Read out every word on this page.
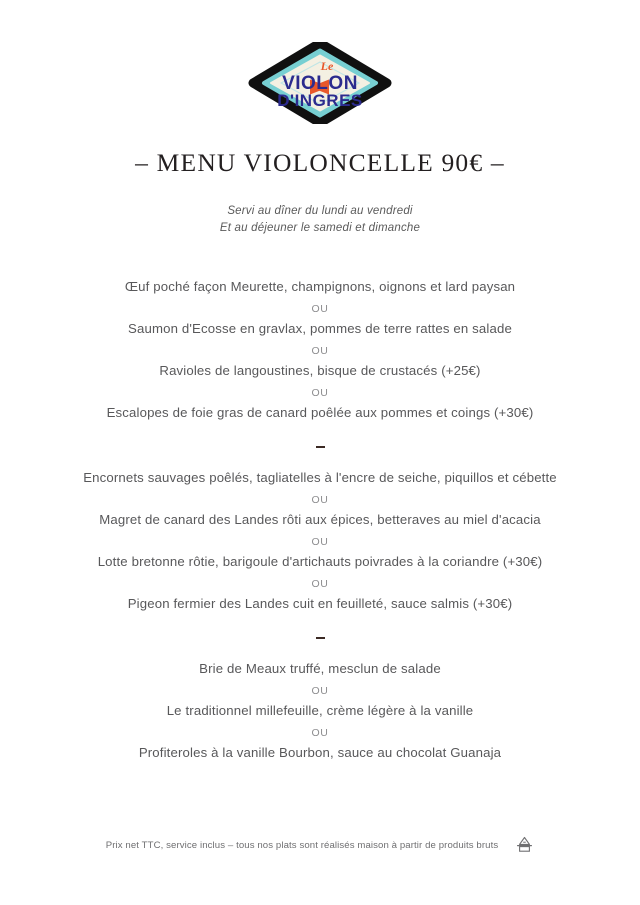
Le
VIOLON
D'INGRES
– MENU VIOLONCELLE 90€ –
Servi au dîner du lundi au vendredi
Et au déjeuner le samedi et dimanche
Œuf poché façon Meurette, champignons, oignons et lard paysan
OU
Saumon d'Ecosse en gravlax, pommes de terre rattes en salade
OU
Ravioles de langoustines, bisque de crustacés (+25€)
OU
Escalopes de foie gras de canard poêlée aux pommes et coings (+30€)
Encornets sauvages poêlés, tagliatelles à l'encre de seiche, piquillos et cébette
OU
Magret de canard des Landes rôti aux épices, betteraves au miel d'acacia
OU
Lotte bretonne rôtie, barigoule d'artichauts poivrades à la coriandre (+30€)
OU
Pigeon fermier des Landes cuit en feuilleté, sauce salmis (+30€)
Brie de Meaux truffé, mesclun de salade
OU
Le traditionnel millefeuille, crème légère à la vanille
OU
Profiteroles à la vanille Bourbon, sauce au chocolat Guanaja
Prix net TTC, service inclus – tous nos plats sont réalisés maison à partir de produits bruts
